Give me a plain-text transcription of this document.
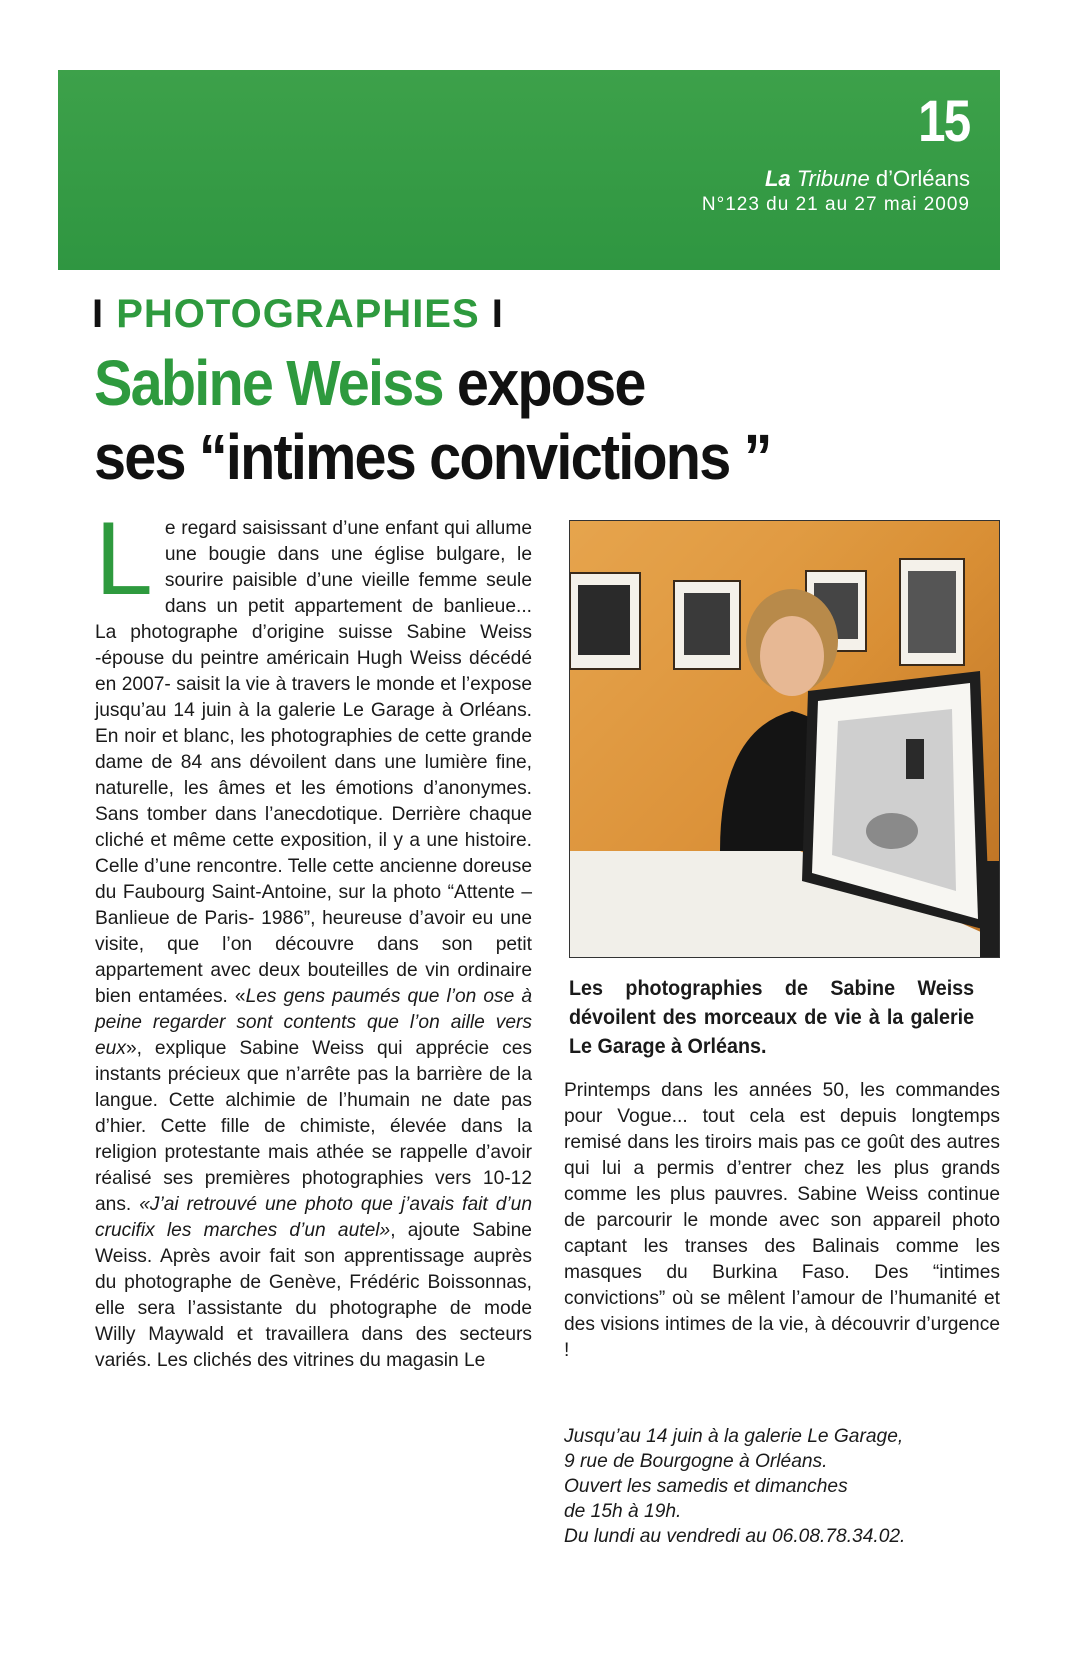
15
La Tribune d’Orléans
N°123 du 21 au 27 mai 2009
I PHOTOGRAPHIES I
Sabine Weiss expose
ses “intimes convictions ”
L e regard saisissant d’une enfant qui allume une bougie dans une église bulgare, le sourire paisible d’une vieille femme seule dans un petit appartement de banlieue... La photographe d’origine suisse Sabine Weiss -épouse du peintre américain Hugh Weiss décédé en 2007- saisit la vie à travers le monde et l’expose jusqu’au 14 juin à la galerie Le Garage à Orléans. En noir et blanc, les photographies de cette grande dame de 84 ans dévoilent dans une lumière fine, naturelle, les âmes et les émotions d’anonymes. Sans tomber dans l’anecdotique. Derrière chaque cliché et même cette exposition, il y a une histoire. Celle d’une rencontre. Telle cette ancienne doreuse du Faubourg Saint-Antoine, sur la photo “Attente –Banlieue de Paris- 1986”, heureuse d’avoir eu une visite, que l’on découvre dans son petit appartement avec deux bouteilles de vin ordinaire bien entamées. «Les gens paumés que l’on ose à peine regarder sont contents que l’on aille vers eux», explique Sabine Weiss qui apprécie ces instants précieux que n’arrête pas la barrière de la langue. Cette alchimie de l’humain ne date pas d’hier. Cette fille de chimiste, élevée dans la religion protestante mais athée se rappelle d’avoir réalisé ses premières photographies vers 10-12 ans. «J’ai retrouvé une photo que j’avais fait d’un crucifix les marches d’un autel», ajoute Sabine Weiss. Après avoir fait son apprentissage auprès du photographe de Genève, Frédéric Boissonnas, elle sera l’assistante du photographe de mode Willy Maywald et travaillera dans des secteurs variés. Les clichés des vitrines du magasin Le
Les photographies de Sabine Weiss dévoilent des morceaux de vie à la galerie Le Garage à Orléans.
Printemps dans les années 50, les commandes pour Vogue... tout cela est depuis longtemps remisé dans les tiroirs mais pas ce goût des autres qui lui a permis d’entrer chez les plus grands comme les plus pauvres. Sabine Weiss continue de parcourir le monde avec son appareil photo captant les transes des Balinais comme les masques du Burkina Faso. Des “intimes convictions” où se mêlent l’amour de l’humanité et des visions intimes de la vie, à découvrir d’urgence !
Jusqu’au 14 juin à la galerie Le Garage,
9 rue de Bourgogne à Orléans.
Ouvert les samedis et dimanches
de 15h à 19h.
Du lundi au vendredi au 06.08.78.34.02.
